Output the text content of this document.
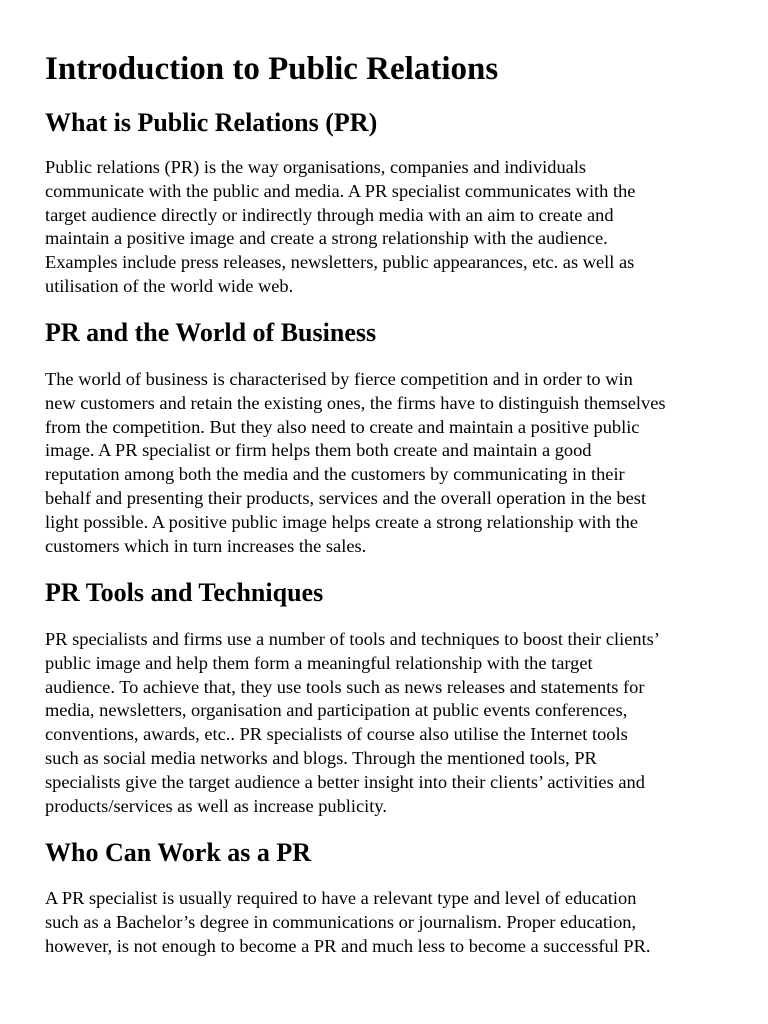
Introduction to Public Relations
What is Public Relations (PR)
Public relations (PR) is the way organisations, companies and individuals
communicate with the public and media. A PR specialist communicates with the
target audience directly or indirectly through media with an aim to create and
maintain a positive image and create a strong relationship with the audience.
Examples include press releases, newsletters, public appearances, etc. as well as
utilisation of the world wide web.
PR and the World of Business
The world of business is characterised by fierce competition and in order to win
new customers and retain the existing ones, the firms have to distinguish themselves
from the competition. But they also need to create and maintain a positive public
image. A PR specialist or firm helps them both create and maintain a good
reputation among both the media and the customers by communicating in their
behalf and presenting their products, services and the overall operation in the best
light possible. A positive public image helps create a strong relationship with the
customers which in turn increases the sales.
PR Tools and Techniques
PR specialists and firms use a number of tools and techniques to boost their clients’
public image and help them form a meaningful relationship with the target
audience. To achieve that, they use tools such as news releases and statements for
media, newsletters, organisation and participation at public events conferences,
conventions, awards, etc.. PR specialists of course also utilise the Internet tools
such as social media networks and blogs. Through the mentioned tools, PR
specialists give the target audience a better insight into their clients’ activities and
products/services as well as increase publicity.
Who Can Work as a PR
A PR specialist is usually required to have a relevant type and level of education
such as a Bachelor’s degree in communications or journalism. Proper education,
however, is not enough to become a PR and much less to become a successful PR.
